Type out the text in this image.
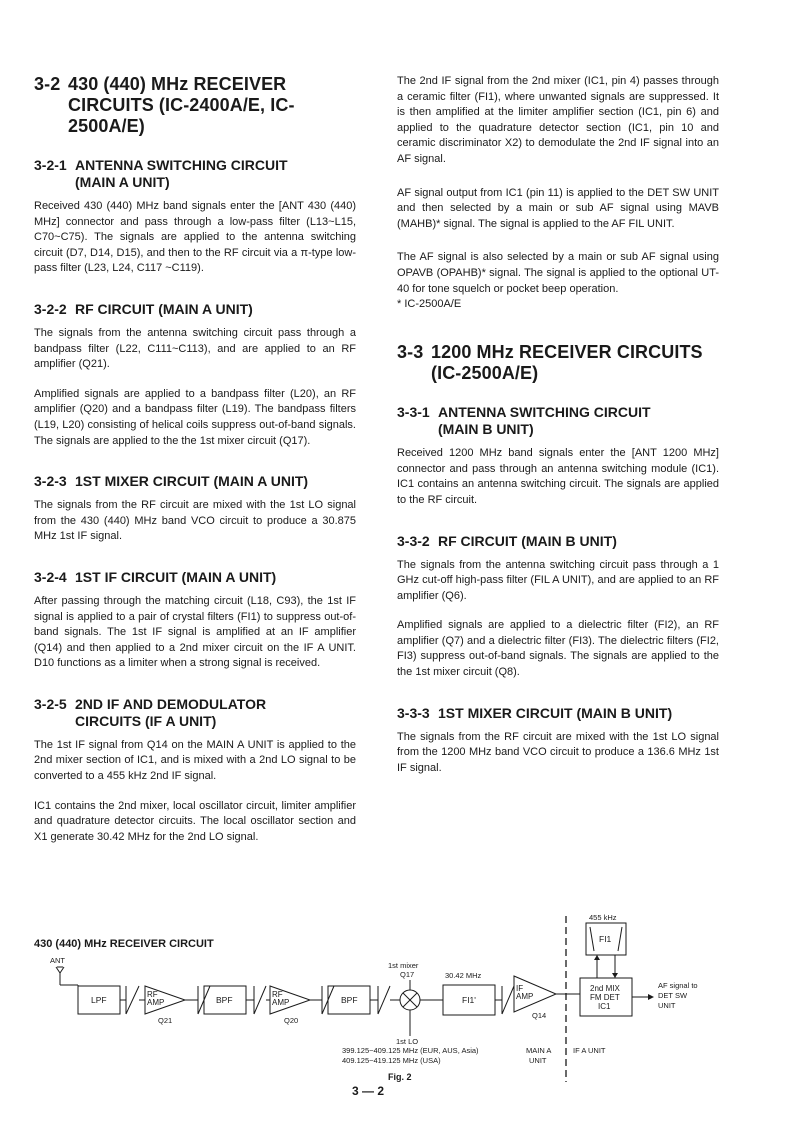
3-2 430 (440) MHz RECEIVER
CIRCUITS (IC-2400A/E, IC-2500A/E)
3-2-1 ANTENNA SWITCHING CIRCUIT
(MAIN A UNIT)

Received 430 (440) MHz band signals enter the [ANT 430 (440) MHz] connector and pass through a low-pass filter (L13~L15, C70~C75). The signals are applied to the antenna switching circuit (D7, D14, D15), and then to the RF circuit via a π-type low-pass filter (L23, L24, C117 ~C119).

3-2-2 RF CIRCUIT (MAIN A UNIT)

The signals from the antenna switching circuit pass through a bandpass filter (L22, C111~C113), and are applied to an RF amplifier (Q21).

Amplified signals are applied to a bandpass filter (L20), an RF amplifier (Q20) and a bandpass filter (L19). The bandpass filters (L19, L20) consisting of helical coils suppress out-of-band signals. The signals are applied to the the 1st mixer circuit (Q17).

3-2-3 1ST MIXER CIRCUIT (MAIN A UNIT)

The signals from the RF circuit are mixed with the 1st LO signal from the 430 (440) MHz band VCO circuit to produce a 30.875 MHz 1st IF signal.

3-2-4 1ST IF CIRCUIT (MAIN A UNIT)

After passing through the matching circuit (L18, C93), the 1st IF signal is applied to a pair of crystal filters (FI1) to suppress out-of-band signals. The 1st IF signal is amplified at an IF amplifier (Q14) and then applied to a 2nd mixer circuit on the IF A UNIT. D10 functions as a limiter when a strong signal is received.

3-2-5 2ND IF AND DEMODULATOR
CIRCUITS (IF A UNIT)

The 1st IF signal from Q14 on the MAIN A UNIT is applied to the 2nd mixer section of IC1, and is mixed with a 2nd LO signal to be converted to a 455 kHz 2nd IF signal.

IC1 contains the 2nd mixer, local oscillator circuit, limiter amplifier and quadrature detector circuits. The local oscillator section and X1 generate 30.42 MHz for the 2nd LO signal.

The 2nd IF signal from the 2nd mixer (IC1, pin 4) passes through a ceramic filter (FI1), where unwanted signals are suppressed. It is then amplified at the limiter amplifier section (IC1, pin 6) and applied to the quadrature detector section (IC1, pin 10 and ceramic discriminator X2) to demodulate the 2nd IF signal into an AF signal.

AF signal output from IC1 (pin 11) is applied to the DET SW UNIT and then selected by a main or sub AF signal using MAVB (MAHB)* signal. The signal is applied to the AF FIL UNIT.

The AF signal is also selected by a main or sub AF signal using OPAVB (OPAHB)* signal. The signal is applied to the optional UT-40 for tone squelch or pocket beep operation.

* IC-2500A/E
3-3 1200 MHz RECEIVER CIRCUITS
(IC-2500A/E)
3-3-1 ANTENNA SWITCHING CIRCUIT
(MAIN B UNIT)

Received 1200 MHz band signals enter the [ANT 1200 MHz] connector and pass through an antenna switching module (IC1). IC1 contains an antenna switching circuit. The signals are applied to the RF circuit.

3-3-2 RF CIRCUIT (MAIN B UNIT)

The signals from the antenna switching circuit pass through a 1 GHz cut-off high-pass filter (FIL A UNIT), and are applied to an RF amplifier (Q6).

Amplified signals are applied to a dielectric filter (FI2), an RF amplifier (Q7) and a dielectric filter (FI3). The dielectric filters (FI2, FI3) suppress out-of-band signals. The signals are applied to the the 1st mixer circuit (Q8).

3-3-3 1ST MIXER CIRCUIT (MAIN B UNIT)

The signals from the RF circuit are mixed with the 1st LO signal from the 1200 MHz band VCO circuit to produce a 136.6 MHz 1st IF signal.

430 (440) MHz RECEIVER CIRCUIT
ANT
LPF
RF
AMP
Q21
BPF
RF
AMP
Q20
BPF
1st mixer
Q17
1st LO
399.125~409.125 MHz (EUR, AUS, Asia)
409.125~419.125 MHz (USA)
30.42 MHz
FI1'
IF
AMP
Q14
MAIN A
UNIT
IF A UNIT
455 kHz
FI1
2nd MIX
FM DET
IC1
AF signal to
DET SW
UNIT
Fig. 2
3 — 2
